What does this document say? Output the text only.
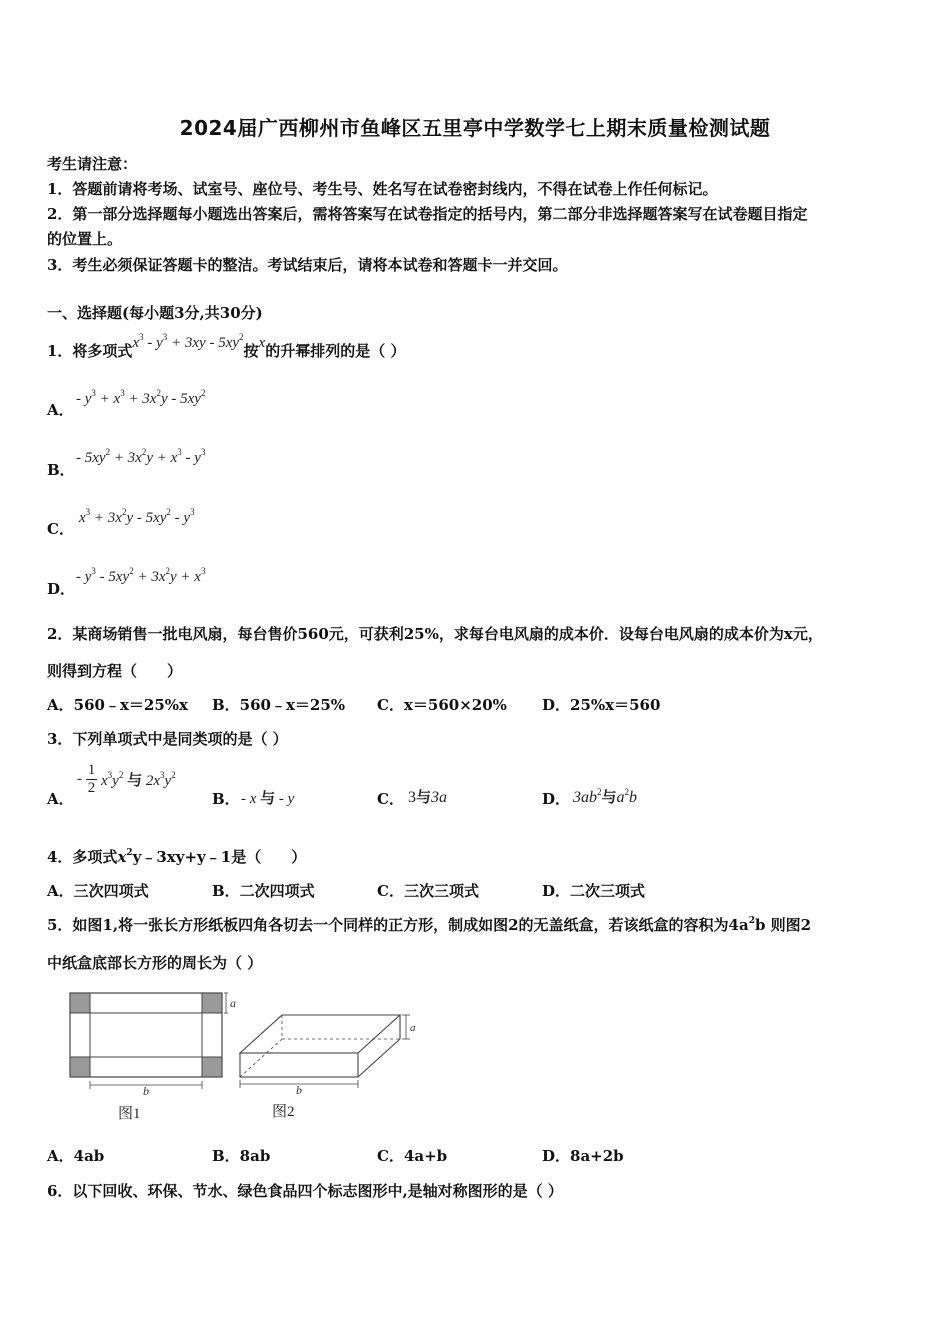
2024届广西柳州市鱼峰区五里亭中学数学七上期末质量检测试题
考生请注意：
1．答题前请将考场、试室号、座位号、考生号、姓名写在试卷密封线内，不得在试卷上作任何标记。
2．第一部分选择题每小题选出答案后，需将答案写在试卷指定的括号内，第二部分非选择题答案写在试卷题目指定
的位置上。
3．考生必须保证答题卡的整洁。考试结束后，请将本试卷和答题卡一并交回。
一、选择题(每小题3分,共30分)
1．将多项式$x^3 - y^3 + 3xy - 5xy^2$按x的升幂排列的是（ ）
A．
- $y^3 + x^3 + 3x^2y - 5xy^2$
B．
- $5xy^2 + 3x^2y + x^3 - y^3$
C．
$x^3 + 3x^2y - 5xy^2 - y^3$
D．
- $y^3 - 5xy^2 + 3x^2y + x^3$
2．某商场销售一批电风扇，每台售价560元，可获利25%，求每台电风扇的成本价．设每台电风扇的成本价为x元，
则得到方程（　　）
A．560﹣x＝25%x B．560﹣x＝25% C．x＝560×20% D．25%x＝560
3．下列单项式中是同类项的是（ ）
A．
- $\frac{1}{2} x^3y^2$ 与 $2x^3y^2$
B． - x 与 - y	C． 3与3a	D． $3ab^2$与$a^2b$
4．多项式$x^2y﹣3xy+y﹣1$是（　　）
A．三次四项式	B．二次四项式	C．三次三项式	D．二次三项式
5．如图1,将一张长方形纸板四角各切去一个同样的正方形，制成如图2的无盖纸盒，若该纸盒的容积为$4a^2b$ 则图2
中纸盒底部长方形的周长为（ ）
a
b
图1
a
b
图2
A．4ab	B．8ab	C．4a+b	D．8a+2b
6．以下回收、环保、节水、绿色食品四个标志图形中,是轴对称图形的是（ ）
